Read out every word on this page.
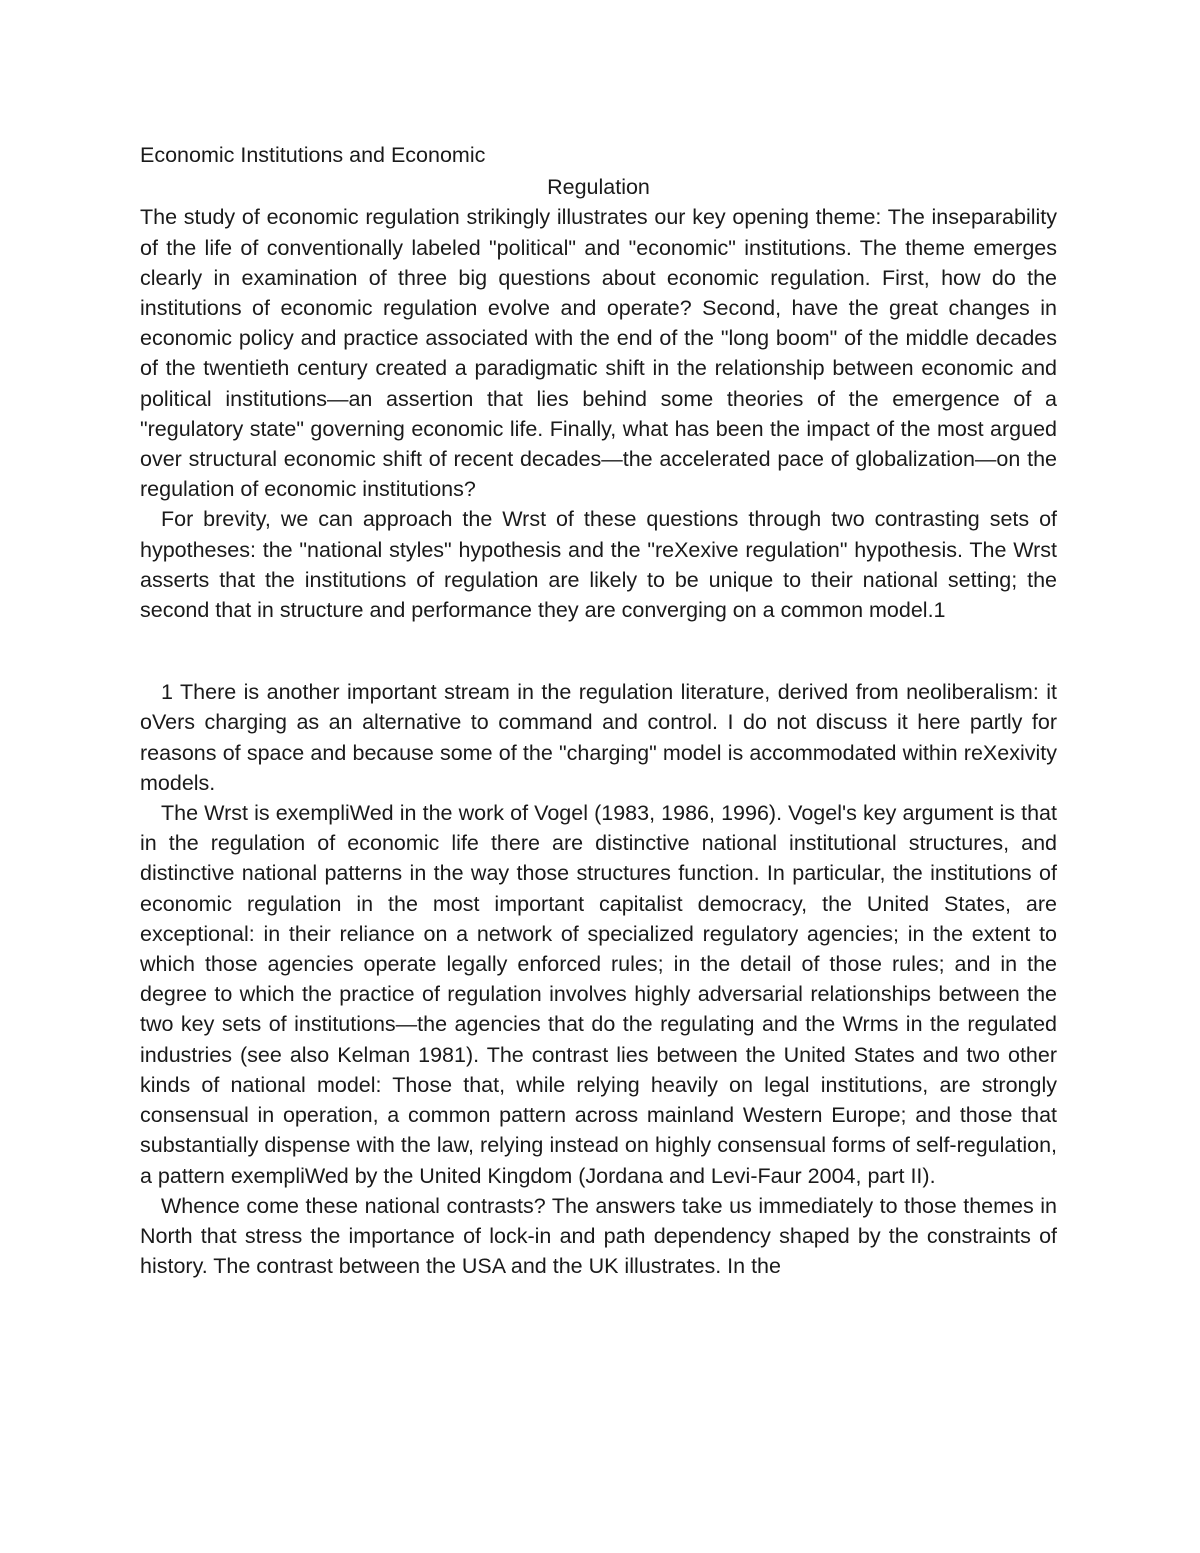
Economic Institutions and Economic
Regulation

The study of economic regulation strikingly illustrates our key opening theme: The inseparability of the life of conventionally labeled "political" and "economic" institutions. The theme emerges clearly in examination of three big questions about economic regulation. First, how do the institutions of economic regulation evolve and operate? Second, have the great changes in economic policy and practice associated with the end of the "long boom" of the middle decades of the twentieth century created a paradigmatic shift in the relationship between economic and political institutions—an assertion that lies behind some theories of the emergence of a "regulatory state" governing economic life. Finally, what has been the impact of the most argued over structural economic shift of recent decades—the accelerated pace of globalization—on the regulation of economic institutions?

For brevity, we can approach the Wrst of these questions through two contrasting sets of hypotheses: the "national styles" hypothesis and the "reXexive regulation" hypothesis. The Wrst asserts that the institutions of regulation are likely to be unique to their national setting; the second that in structure and performance they are converging on a common model.1

1 There is another important stream in the regulation literature, derived from neoliberalism: it oVers charging as an alternative to command and control. I do not discuss it here partly for reasons of space and because some of the "charging" model is accommodated within reXexivity models.

The Wrst is exempliWed in the work of Vogel (1983, 1986, 1996). Vogel's key argument is that in the regulation of economic life there are distinctive national institutional structures, and distinctive national patterns in the way those structures function. In particular, the institutions of economic regulation in the most important capitalist democracy, the United States, are exceptional: in their reliance on a network of specialized regulatory agencies; in the extent to which those agencies operate legally enforced rules; in the detail of those rules; and in the degree to which the practice of regulation involves highly adversarial relationships between the two key sets of institutions—the agencies that do the regulating and the Wrms in the regulated industries (see also Kelman 1981). The contrast lies between the United States and two other kinds of national model: Those that, while relying heavily on legal institutions, are strongly consensual in operation, a common pattern across mainland Western Europe; and those that substantially dispense with the law, relying instead on highly consensual forms of self-regulation, a pattern exempliWed by the United Kingdom (Jordana and Levi-Faur 2004, part II).

Whence come these national contrasts? The answers take us immediately to those themes in North that stress the importance of lock-in and path dependency shaped by the constraints of history. The contrast between the USA and the UK illustrates. In the
